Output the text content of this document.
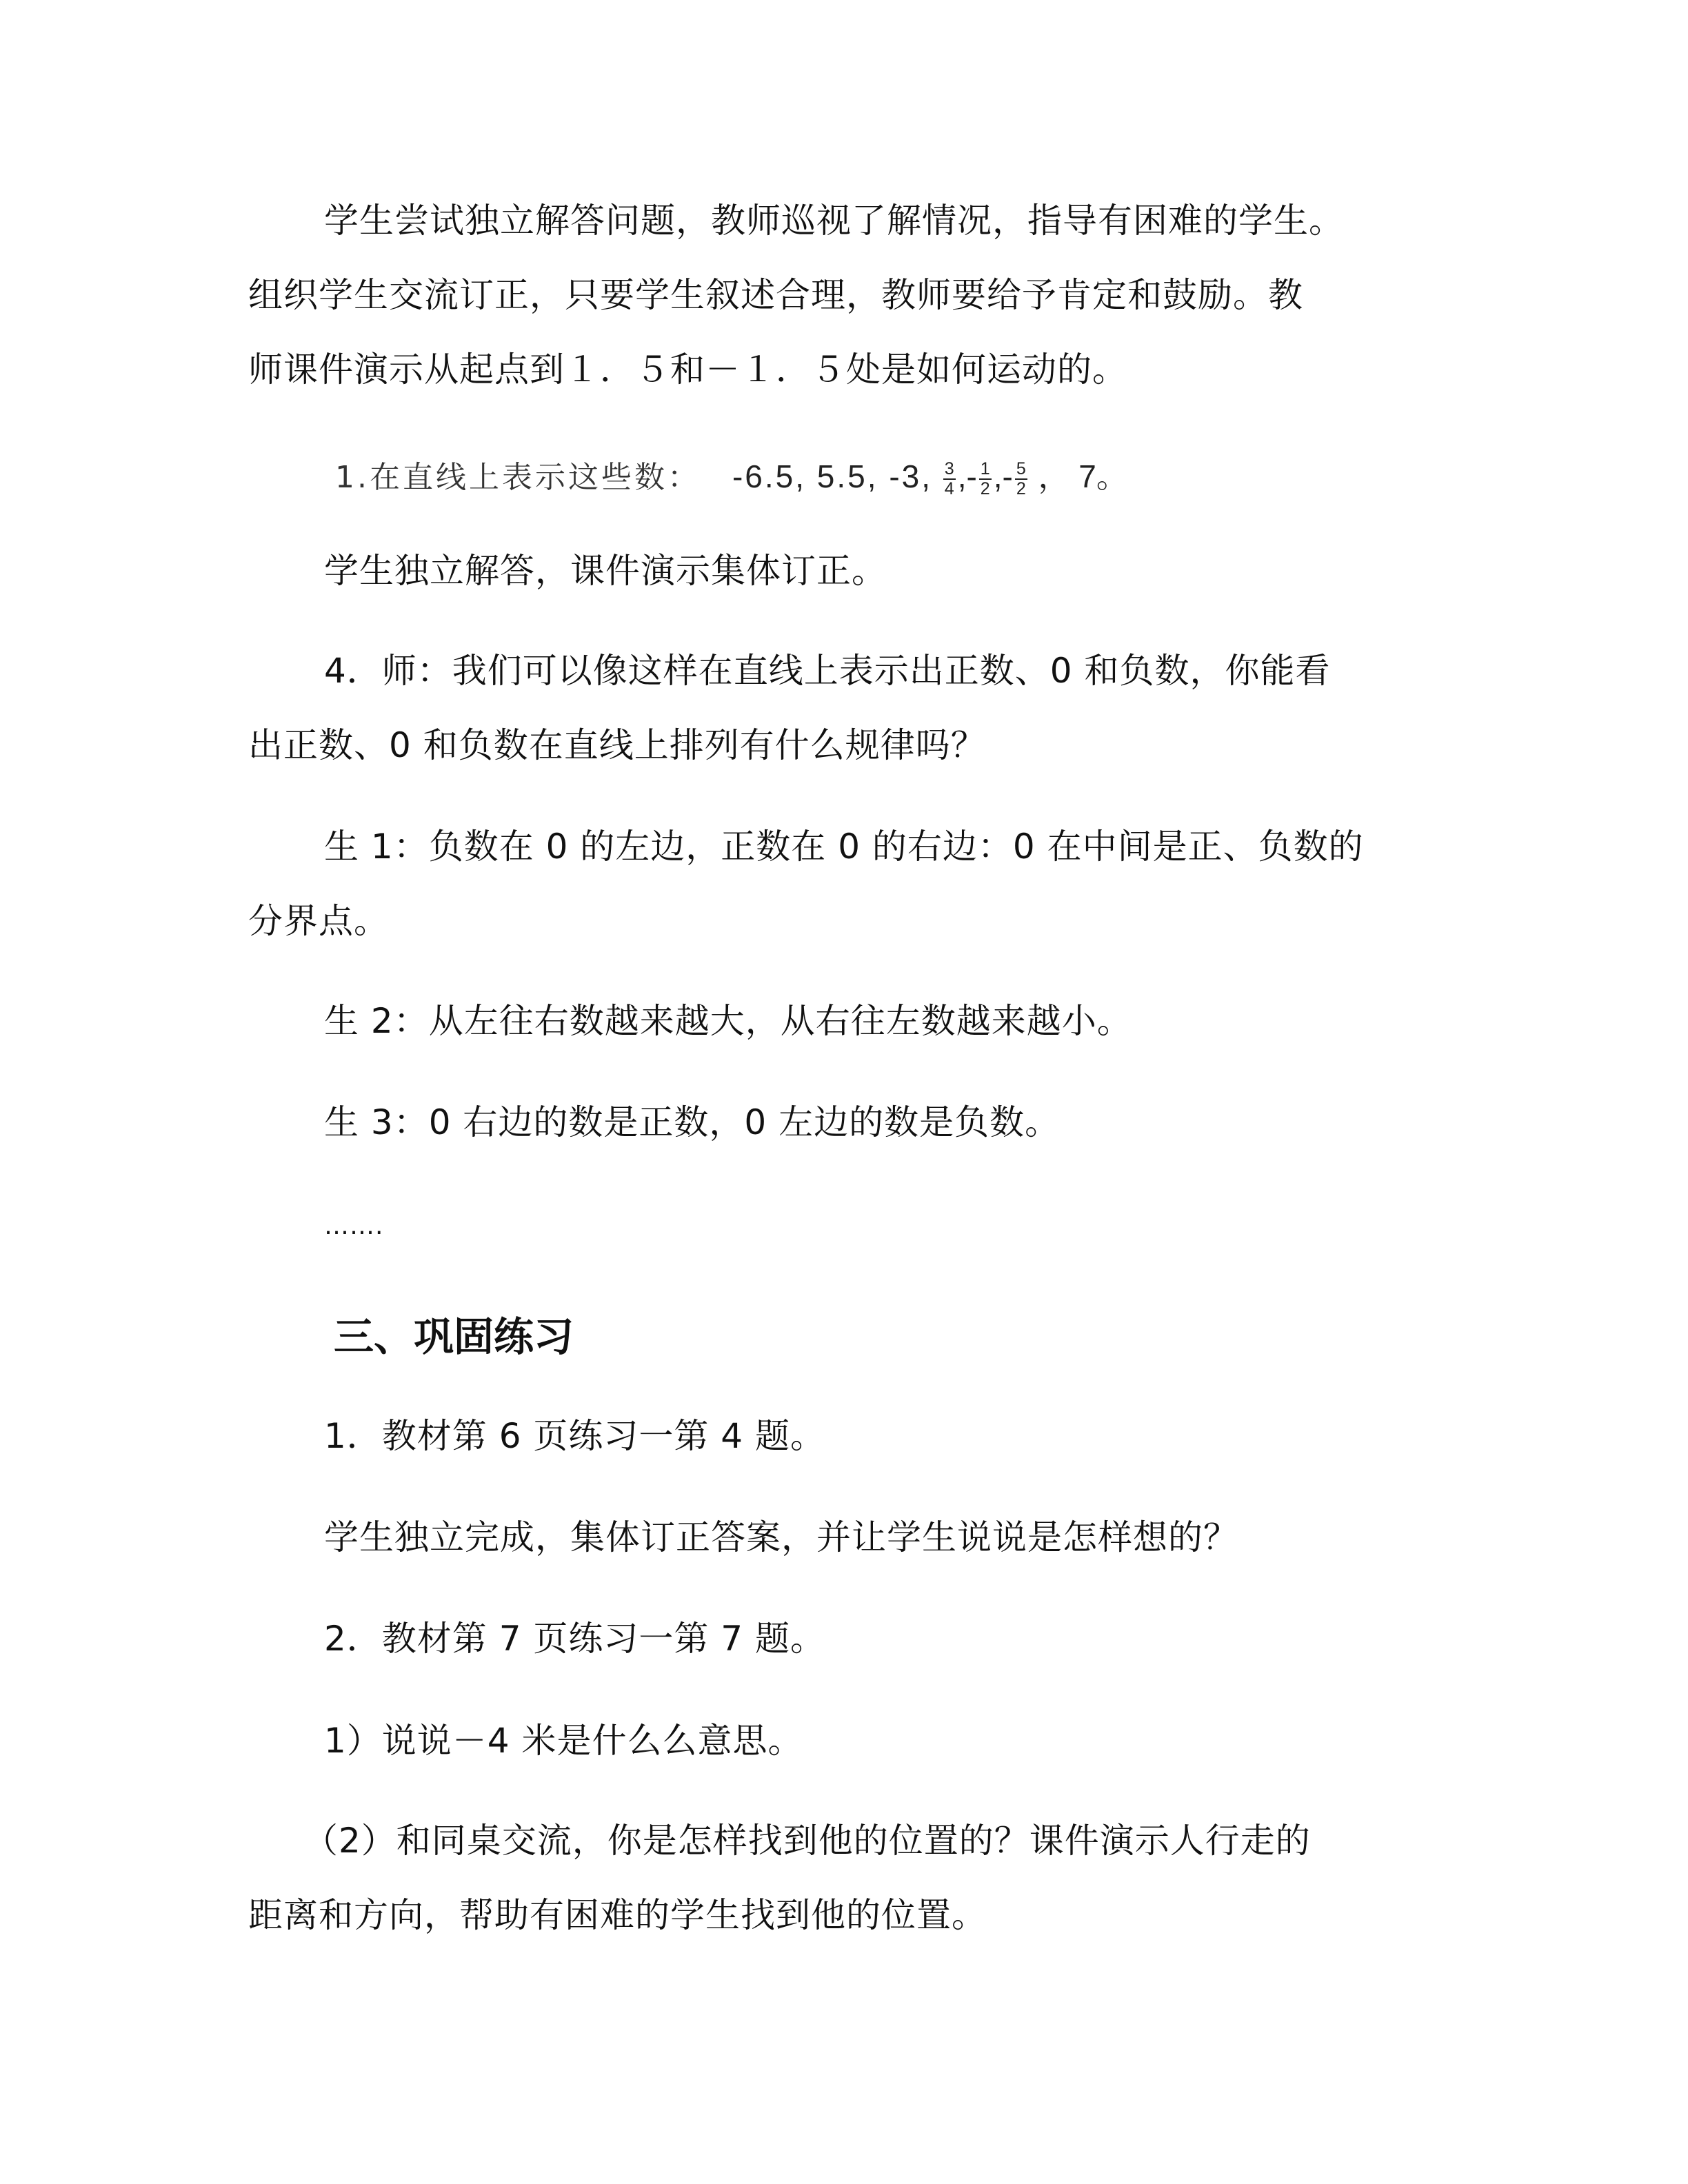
学生尝试独立解答问题，教师巡视了解情况，指导有困难的学生。

组织学生交流订正，只要学生叙述合理，教师要给予肯定和鼓励。教

师课件演示从起点到１．５和－１．５处是如何运动的。

1.在直线上表示这些数： -6.5, 5.5, -3, $\frac{3}{4}$ ,- $\frac{1}{2}$ ,- $\frac{5}{2}$ ， 7。

学生独立解答，课件演示集体订正。

4．师：我们可以像这样在直线上表示出正数、0 和负数，你能看

出正数、0 和负数在直线上排列有什么规律吗？

生 1：负数在 0 的左边，正数在 0 的右边：0 在中间是正、负数的

分界点。

生 2：从左往右数越来越大，从右往左数越来越小。

生 3：0 右边的数是正数，0 左边的数是负数。

…….
三、巩固练习

1．教材第 6 页练习一第 4 题。

学生独立完成，集体订正答案，并让学生说说是怎样想的？

2．教材第 7 页练习一第 7 题。

1）说说－4 米是什么么意思。

（2）和同桌交流，你是怎样找到他的位置的？课件演示人行走的

距离和方向，帮助有困难的学生找到他的位置。
